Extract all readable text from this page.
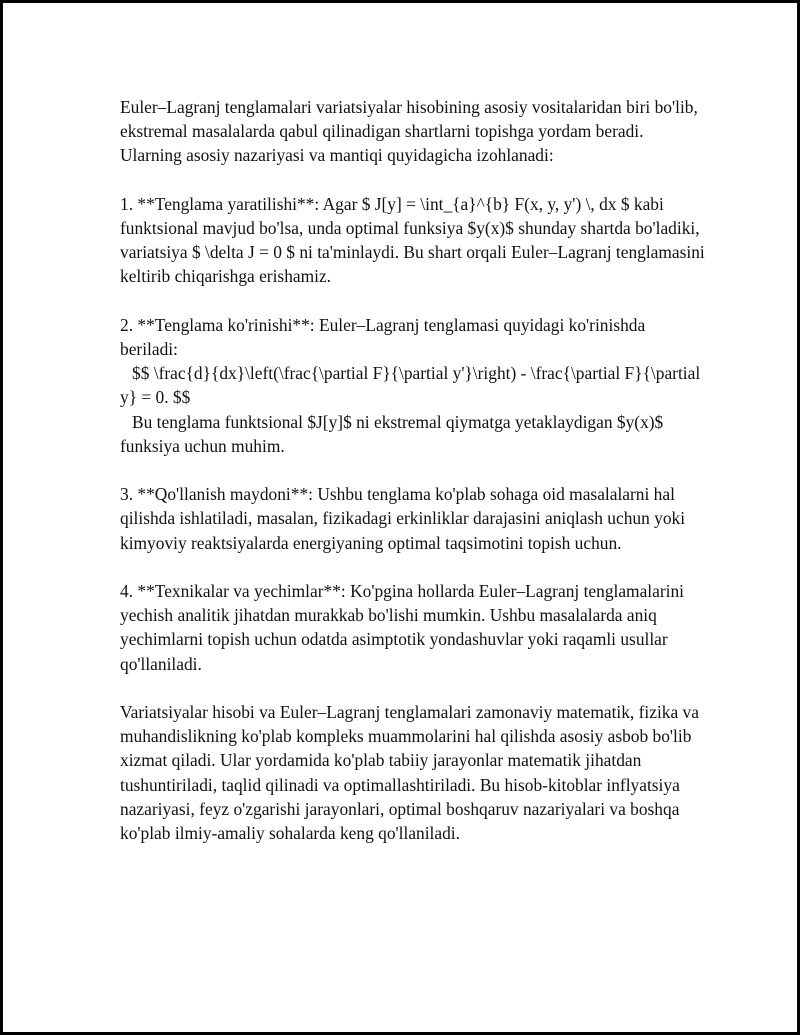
Euler–Lagranj tenglamalari variatsiyalar hisobining asosiy vositalaridan biri bo'lib, ekstremal masalalarda qabul qilinadigan shartlarni topishga yordam beradi. Ularning asosiy nazariyasi va mantiqi quyidagicha izohlanadi:

1. **Tenglama yaratilishi**: Agar $ J[y] = \int_{a}^{b} F(x, y, y') \, dx $ kabi funktsional mavjud bo'lsa, unda optimal funksiya $y(x)$ shunday shartda bo'ladiki, variatsiya $ \delta J = 0 $ ni ta'minlaydi. Bu shart orqali Euler–Lagranj tenglamasini keltirib chiqarishga erishamiz.

2. **Tenglama ko'rinishi**: Euler–Lagranj tenglamasi quyidagi ko'rinishda beriladi:
$$ \frac{d}{dx}\left(\frac{\partial F}{\partial y'}\right) - \frac{\partial F}{\partial y} = 0. $$
Bu tenglama funktsional $J[y]$ ni ekstremal qiymatga yetaklaydigan $y(x)$ funksiya uchun muhim.

3. **Qo'llanish maydoni**: Ushbu tenglama ko'plab sohaga oid masalalarni hal qilishda ishlatiladi, masalan, fizikadagi erkinliklar darajasini aniqlash uchun yoki kimyoviy reaktsiyalarda energiyaning optimal taqsimotini topish uchun.

4. **Texnikalar va yechimlar**: Ko'pgina hollarda Euler–Lagranj tenglamalarini yechish analitik jihatdan murakkab bo'lishi mumkin. Ushbu masalalarda aniq yechimlarni topish uchun odatda asimptotik yondashuvlar yoki raqamli usullar qo'llaniladi.

Variatsiyalar hisobi va Euler–Lagranj tenglamalari zamonaviy matematik, fizika va muhandislikning ko'plab kompleks muammolarini hal qilishda asosiy asbob bo'lib xizmat qiladi. Ular yordamida ko'plab tabiiy jarayonlar matematik jihatdan tushuntiriladi, taqlid qilinadi va optimallashtiriladi. Bu hisob-kitoblar inflyatsiya nazariyasi, feyz o'zgarishi jarayonlari, optimal boshqaruv nazariyalari va boshqa ko'plab ilmiy-amaliy sohalarda keng qo'llaniladi.
